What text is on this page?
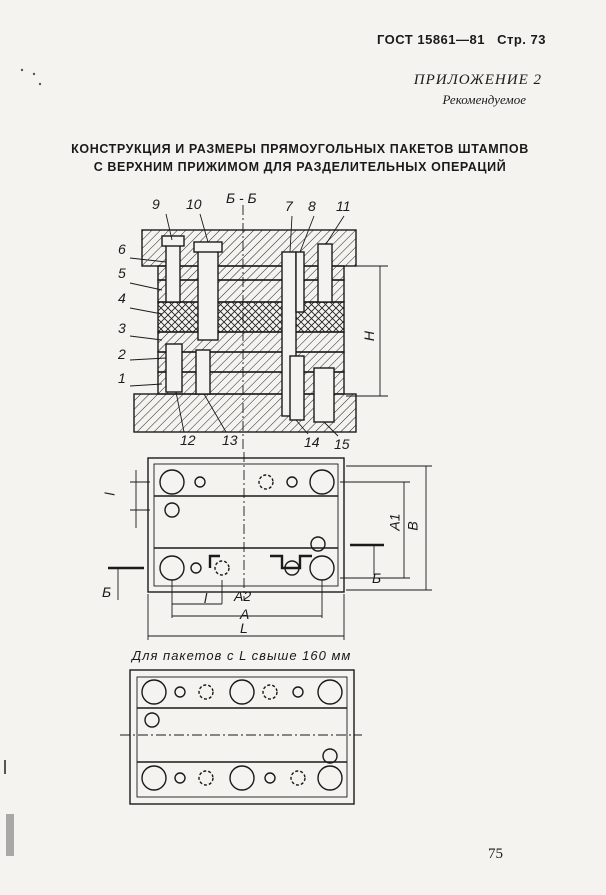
ГОСТ 15861—81 Стр. 73
ПРИЛОЖЕНИЕ 2
Рекомендуемое
КОНСТРУКЦИЯ И РАЗМЕРЫ ПРЯМОУГОЛЬНЫХ ПАКЕТОВ ШТАМПОВ
С ВЕРХНИМ ПРИЖИМОМ ДЛЯ РАЗДЕЛИТЕЛЬНЫХ ОПЕРАЦИЙ
9 10 Б - Б 7 8 11
6
5
4
3
2
1
12 13	14 15
H
l
A1 B
Б
Б
l A2
A
L
Для пакетов с L свыше 160 мм
75
